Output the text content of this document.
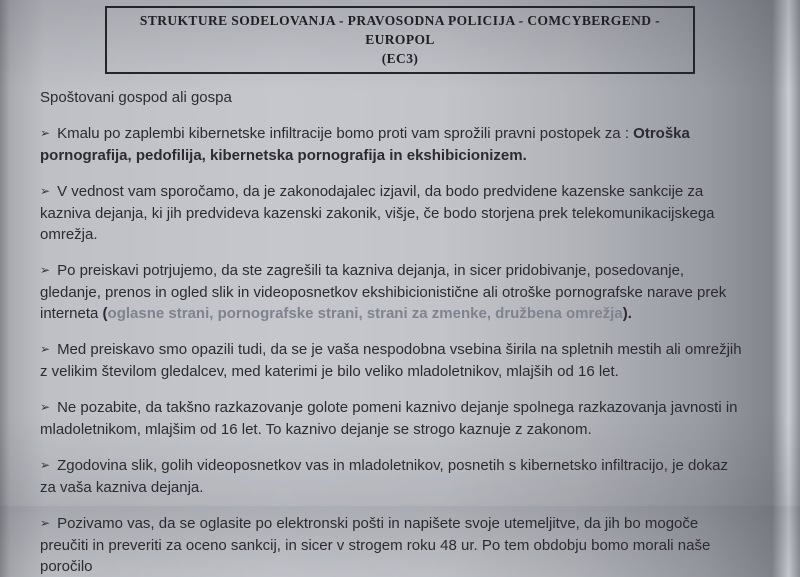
STRUKTURE SODELOVANJA - PRAVOSODNA POLICIJA - COMCYBERGEND - EUROPOL
(EC3)
Spoštovani gospod ali gospa
➢ Kmalu po zaplembi kibernetske infiltracije bomo proti vam sprožili pravni postopek za : Otroška pornografija, pedofilija, kibernetska pornografija in ekshibicionizem.
➢ V vednost vam sporočamo, da je zakonodajalec izjavil, da bodo predvidene kazenske sankcije za kazniva dejanja, ki jih predvideva kazenski zakonik, višje, če bodo storjena prek telekomunikacijskega omrežja.
➢ Po preiskavi potrjujemo, da ste zagrešili ta kazniva dejanja, in sicer pridobivanje, posedovanje, gledanje, prenos in ogled slik in videoposnetkov ekshibicionistične ali otroške pornografske narave prek interneta (oglasne strani, pornografske strani, strani za zmenke, družbena omrežja).
➢ Med preiskavo smo opazili tudi, da se je vaša nespodobna vsebina širila na spletnih mestih ali omrežjih z velikim številom gledalcev, med katerimi je bilo veliko mladoletnikov, mlajših od 16 let.
➢ Ne pozabite, da takšno razkazovanje golote pomeni kaznivo dejanje spolnega razkazovanja javnosti in mladoletnikom, mlajšim od 16 let. To kaznivo dejanje se strogo kaznuje z zakonom.
➢ Zgodovina slik, golih videoposnetkov vas in mladoletnikov, posnetih s kibernetsko infiltracijo, je dokaz za vaša kazniva dejanja.
➢ Pozivamo vas, da se oglasite po elektronski pošti in napišete svoje utemeljitve, da jih bo mogoče preučiti in preveriti za oceno sankcij, in sicer v strogem roku 48 ur. Po tem obdobju bomo morali naše poročilo
